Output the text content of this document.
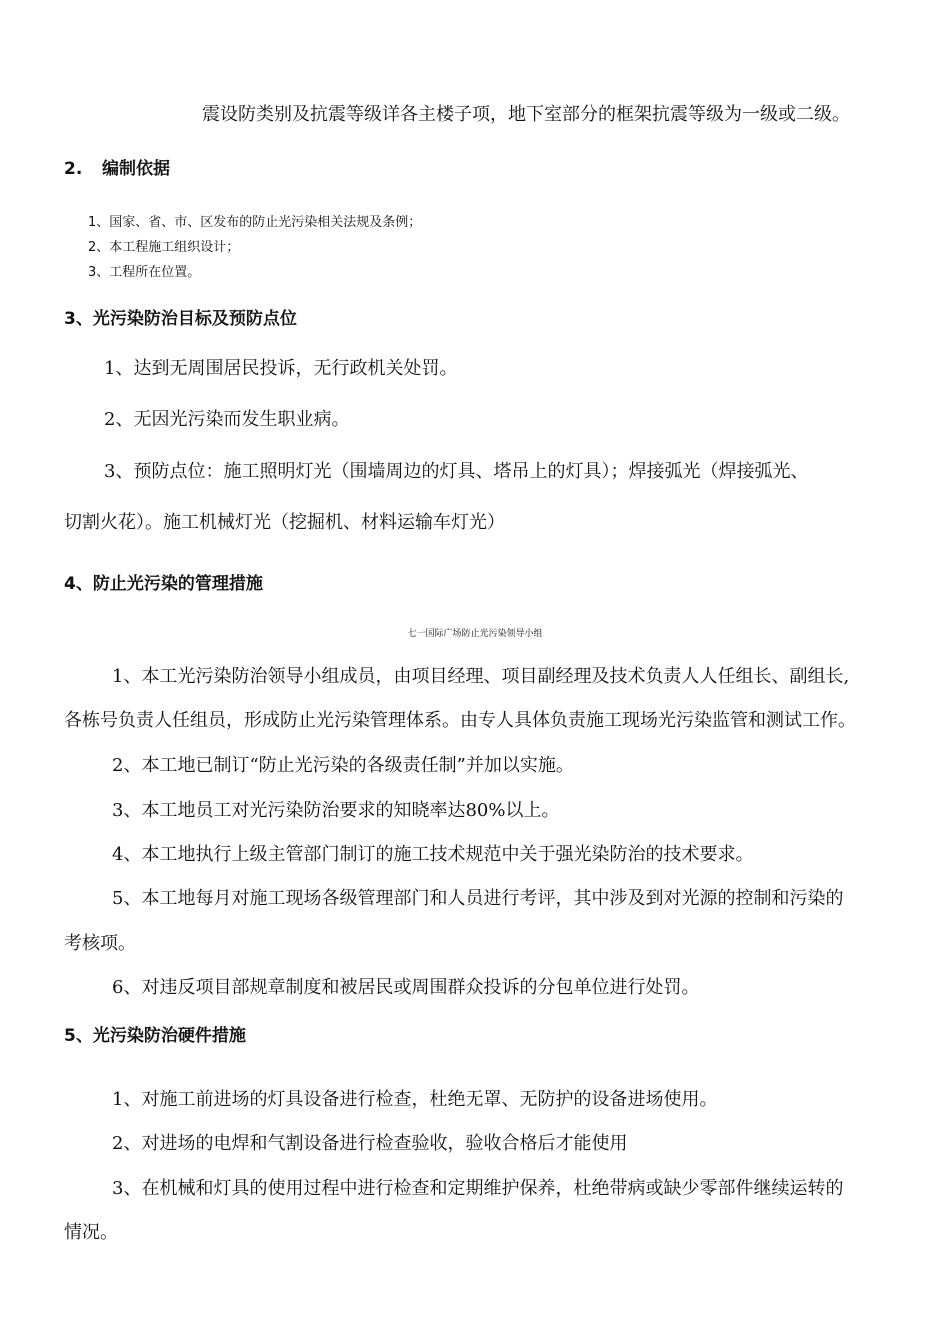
震设防类别及抗震等级详各主楼子项，地下室部分的框架抗震等级为一级或二级。
2. 编制依据
1、国家、省、市、区发布的防止光污染相关法规及条例；
2、本工程施工组织设计；
3、工程所在位置。
3、光污染防治目标及预防点位
1、达到无周围居民投诉，无行政机关处罚。
2、无因光污染而发生职业病。
3、预防点位：施工照明灯光（围墙周边的灯具、塔吊上的灯具）；焊接弧光（焊接弧光、
切割火花）。施工机械灯光（挖掘机、材料运输车灯光）
4、防止光污染的管理措施
七一国际广场防止光污染领导小组
1、本工光污染防治领导小组成员，由项目经理、项目副经理及技术负责人人任组长、副组长,
各栋号负责人任组员，形成防止光污染管理体系。由专人具体负责施工现场光污染监管和测试工作。
2、本工地已制订“防止光污染的各级责任制”并加以实施。
3、本工地员工对光污染防治要求的知晓率达80%以上。
4、本工地执行上级主管部门制订的施工技术规范中关于强光染防治的技术要求。
5、本工地每月对施工现场各级管理部门和人员进行考评，其中涉及到对光源的控制和污染的
考核项。
6、对违反项目部规章制度和被居民或周围群众投诉的分包单位进行处罚。
5、光污染防治硬件措施
1、对施工前进场的灯具设备进行检查，杜绝无罩、无防护的设备进场使用。
2、对进场的电焊和气割设备进行检查验收，验收合格后才能使用
3、在机械和灯具的使用过程中进行检查和定期维护保养，杜绝带病或缺少零部件继续运转的
情况。
